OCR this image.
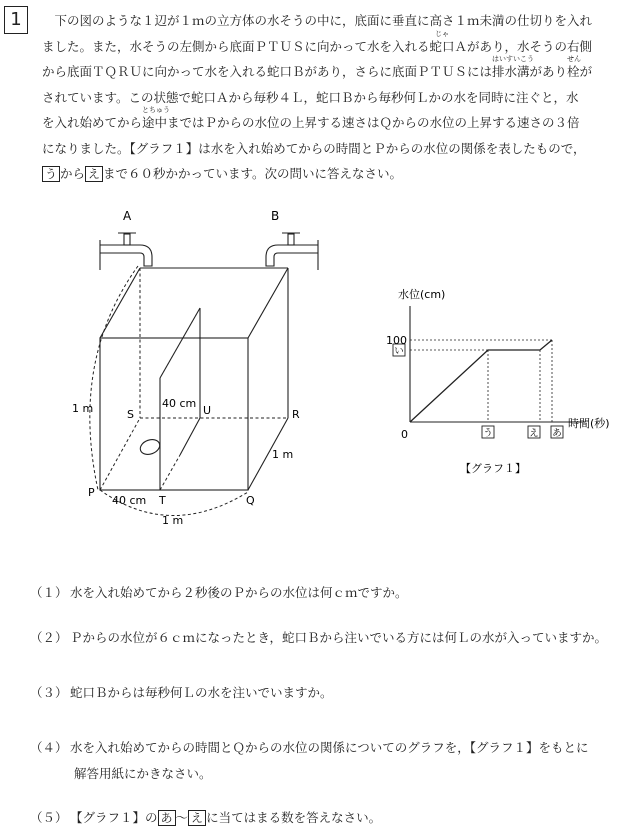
1	下の図のような１辺が１ｍの立方体の水そうの中に，底面に垂直に高さ１ｍ未満の仕切りを入れ

ました。また，水そうの左側から底面ＰＴＵＳに向かって水を入れる
じゃ
蛇口Ａがあり，水そうの右側

から底面ＴＱＲＵに向かって水を入れる蛇口Ｂがあり，さらに底面ＰＴＵＳには
はいすいこう
排水溝があり
せん
栓が

されています。この状態で蛇口Ａから毎秒４Ｌ，蛇口Ｂから毎秒何Ｌかの水を同時に注ぐと，水

を入れ始めてから
とちゅう
途中まではＰからの水位の上昇する速さはＱからの水位の上昇する速さの３倍

になりました。【グラフ１】は水を入れ始めてからの時間とＰからの水位の関係を表したもので，

う から え まで６０秒かかっています。次の問いに答えなさい。

A	B
S	U	R
P
T	Q
1 m
1 m
1 m
40 cm
40 cm
い
う	え あ
水位(cm)
時間(秒)
0
100
【グラフ１】
（１） 水を入れ始めてから２秒後のＰからの水位は何ｃｍですか。
（２） Ｐからの水位が６ｃｍになったとき，蛇口Ｂから注いでいる方には何Ｌの水が入っていますか。
（３） 蛇口Ｂからは毎秒何Ｌの水を注いでいますか。
（４） 水を入れ始めてからの時間とＱからの水位の関係についてのグラフを，【グラフ１】をもとに
解答用紙にかきなさい。
（５） 【グラフ１】の あ ～ え に当てはまる数を答えなさい。
